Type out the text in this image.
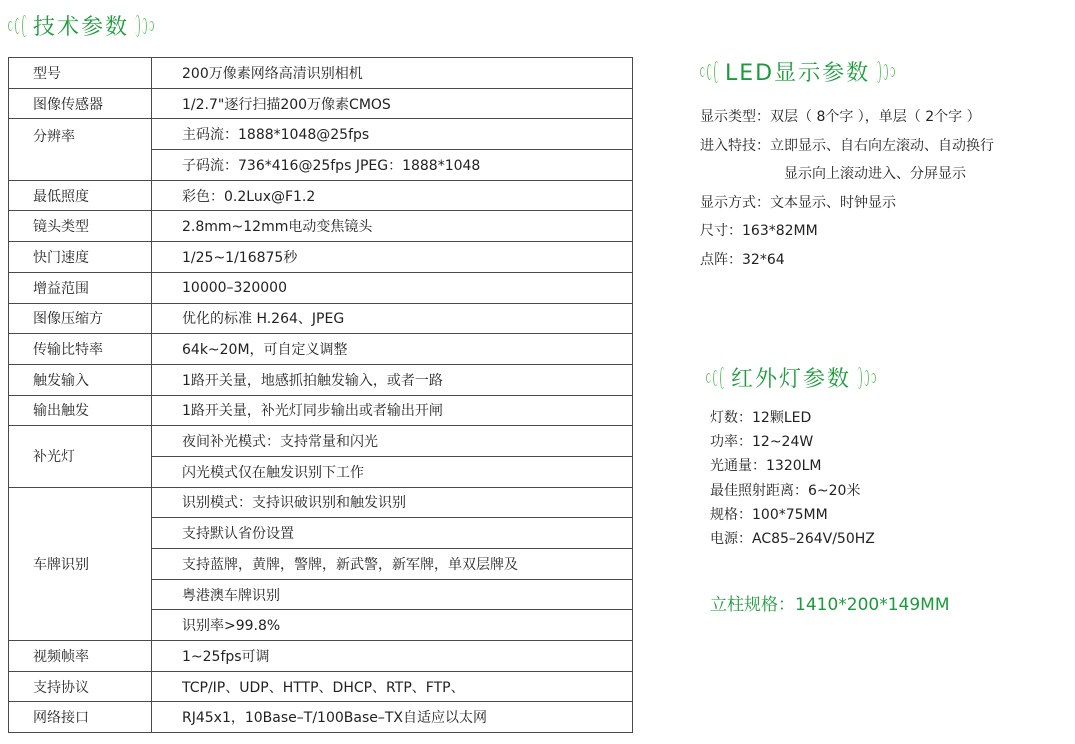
技术参数
型号	200万像素网络高清识别相机
图像传感器	1/2.7"逐行扫描200万像素CMOS
分辨率	主码流：1888*1048@25fps
	子码流：736*416@25fps JPEG：1888*1048
最低照度	彩色：0.2Lux@F1.2
镜头类型	2.8mm~12mm电动变焦镜头
快门速度	1/25~1/16875秒
增益范围	10000–320000
图像压缩方	优化的标准 H.264、JPEG
传输比特率	64k~20M，可自定义调整
触发输入	1路开关量，地感抓拍触发输入，或者一路
输出触发	1路开关量，补光灯同步输出或者输出开闸
补光灯	夜间补光模式：支持常量和闪光
	闪光模式仅在触发识别下工作
车牌识别	识别模式：支持识破识别和触发识别
	支持默认省份设置
	支持蓝牌，黄牌，警牌，新武警，新军牌，单双层牌及
	粤港澳车牌识别
	识别率>99.8%
视频帧率	1~25fps可调
支持协议	TCP/IP、UDP、HTTP、DHCP、RTP、FTP、
网络接口	RJ45x1，10Base–T/100Base–TX自适应以太网
LED显示参数
显示类型：双层（ 8个字 ），单层（ 2个字 ）
进入特技：立即显示、自右向左滚动、自动换行
显示向上滚动进入、分屏显示
显示方式：文本显示、时钟显示
尺寸：163*82MM
点阵：32*64
红外灯参数
灯数：12颗LED
功率：12~24W
光通量：1320LM
最佳照射距离：6~20米
规格：100*75MM
电源：AC85–264V/50HZ
立柱规格：1410*200*149MM
